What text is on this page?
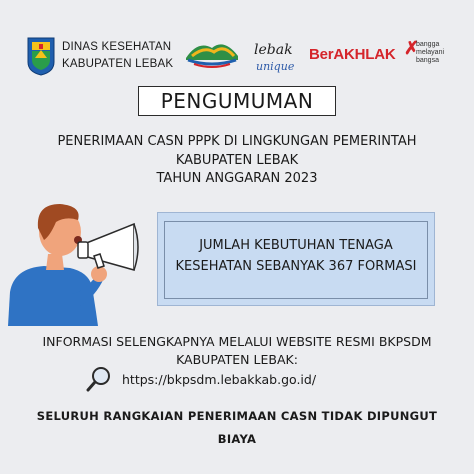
DINAS KESEHATAN
KABUPATEN LEBAK
lebak
unique
BerAKHLAK ✗
bangga
melayani
bangsa
PENGUMUMAN
PENERIMAAN CASN PPPK DI LINGKUNGAN PEMERINTAH
KABUPATEN LEBAK
TAHUN ANGGARAN 2023
JUMLAH KEBUTUHAN TENAGA
KESEHATAN SEBANYAK 367 FORMASI
INFORMASI SELENGKAPNYA MELALUI WEBSITE RESMI BKPSDM
KABUPATEN LEBAK:
https://bkpsdm.lebakkab.go.id/
SELURUH RANGKAIAN PENERIMAAN CASN TIDAK DIPUNGUT
BIAYA
